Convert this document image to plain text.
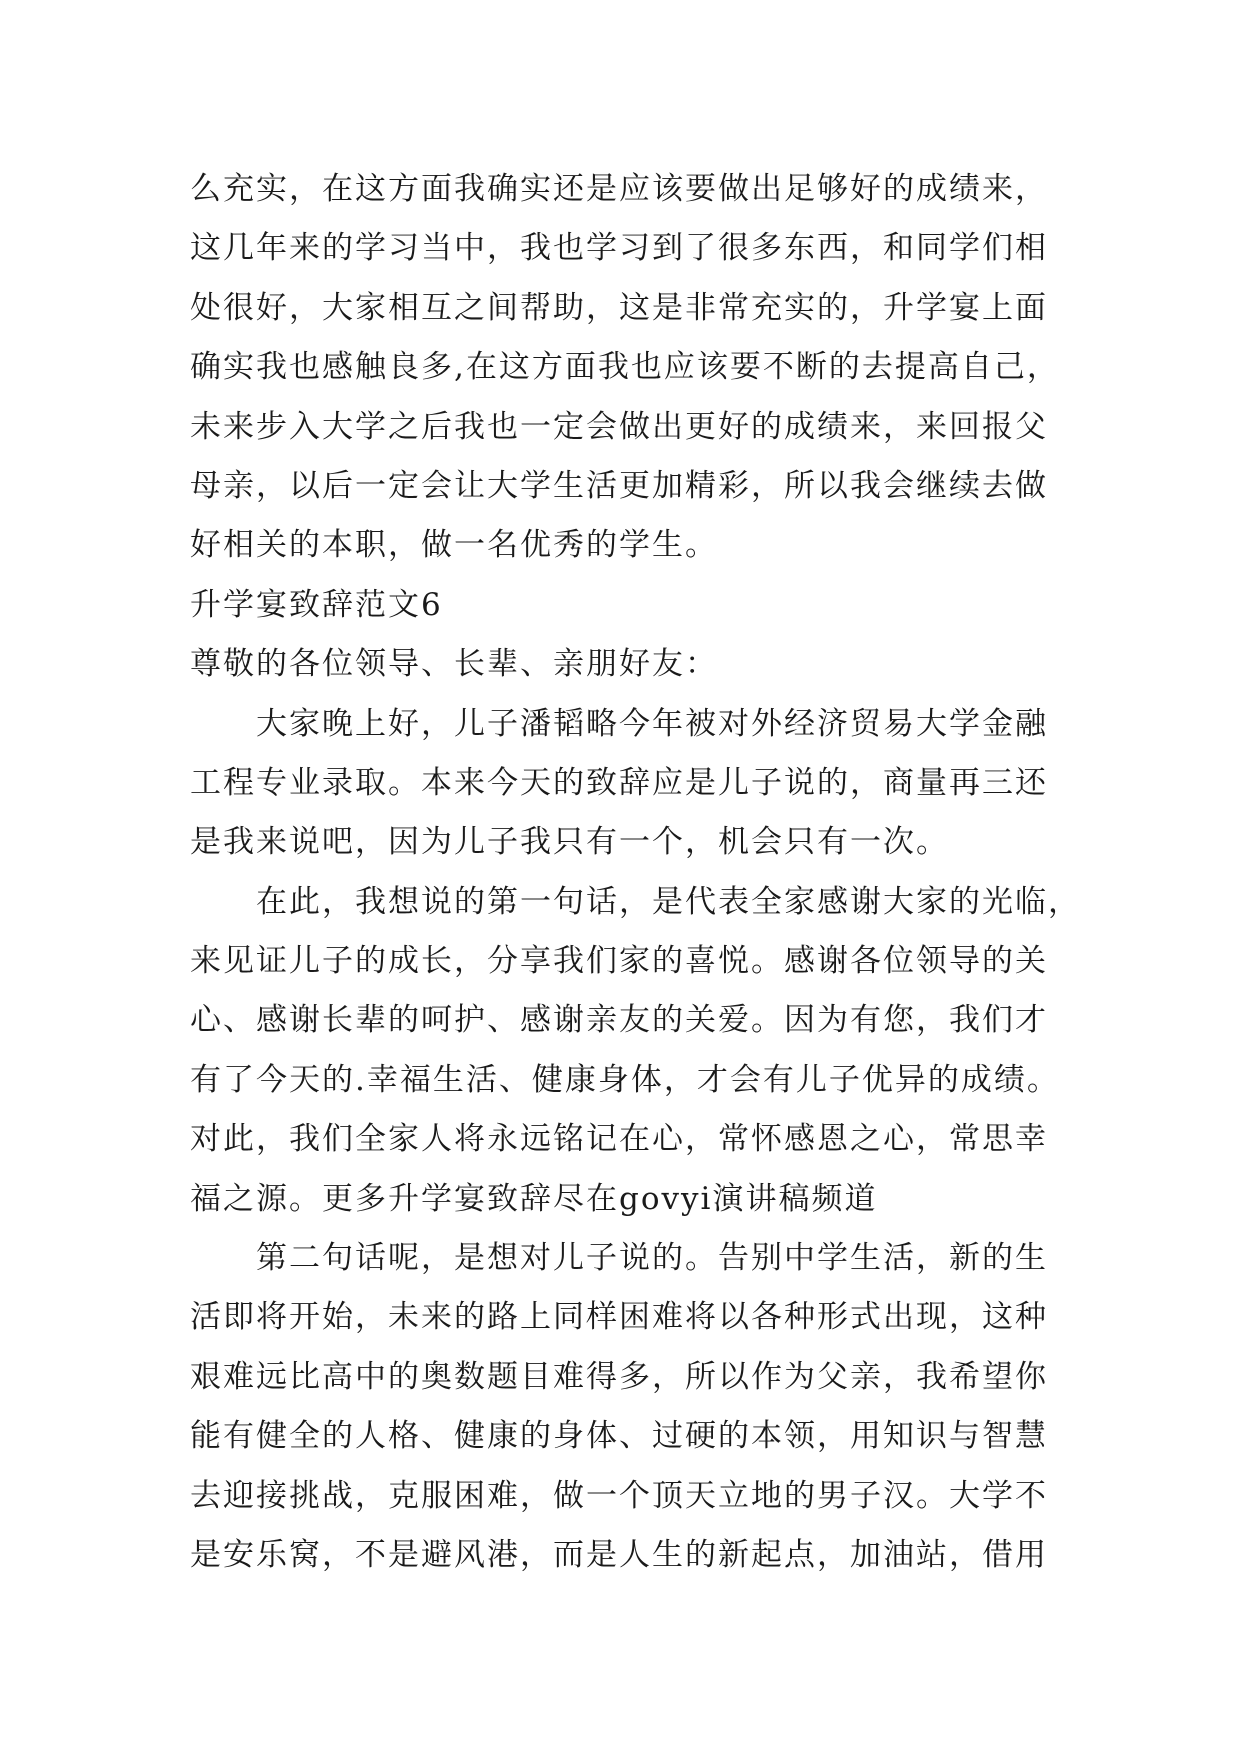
么充实，在这方面我确实还是应该要做出足够好的成绩来，
这几年来的学习当中，我也学习到了很多东西，和同学们相
处很好，大家相互之间帮助，这是非常充实的，升学宴上面
确实我也感触良多,在这方面我也应该要不断的去提高自己，
未来步入大学之后我也一定会做出更好的成绩来，来回报父
母亲，以后一定会让大学生活更加精彩，所以我会继续去做
好相关的本职，做一名优秀的学生。
升学宴致辞范文6
尊敬的各位领导、长辈、亲朋好友：
大家晚上好，儿子潘韬略今年被对外经济贸易大学金融
工程专业录取。本来今天的致辞应是儿子说的，商量再三还
是我来说吧，因为儿子我只有一个，机会只有一次。
在此，我想说的第一句话，是代表全家感谢大家的光临，
来见证儿子的成长，分享我们家的喜悦。感谢各位领导的关
心、感谢长辈的呵护、感谢亲友的关爱。因为有您，我们才
有了今天的.幸福生活、健康身体，才会有儿子优异的成绩。
对此，我们全家人将永远铭记在心，常怀感恩之心，常思幸
福之源。更多升学宴致辞尽在govyi演讲稿频道
第二句话呢，是想对儿子说的。告别中学生活，新的生
活即将开始，未来的路上同样困难将以各种形式出现，这种
艰难远比高中的奥数题目难得多，所以作为父亲，我希望你
能有健全的人格、健康的身体、过硬的本领，用知识与智慧
去迎接挑战，克服困难，做一个顶天立地的男子汉。大学不
是安乐窝，不是避风港，而是人生的新起点，加油站，借用
